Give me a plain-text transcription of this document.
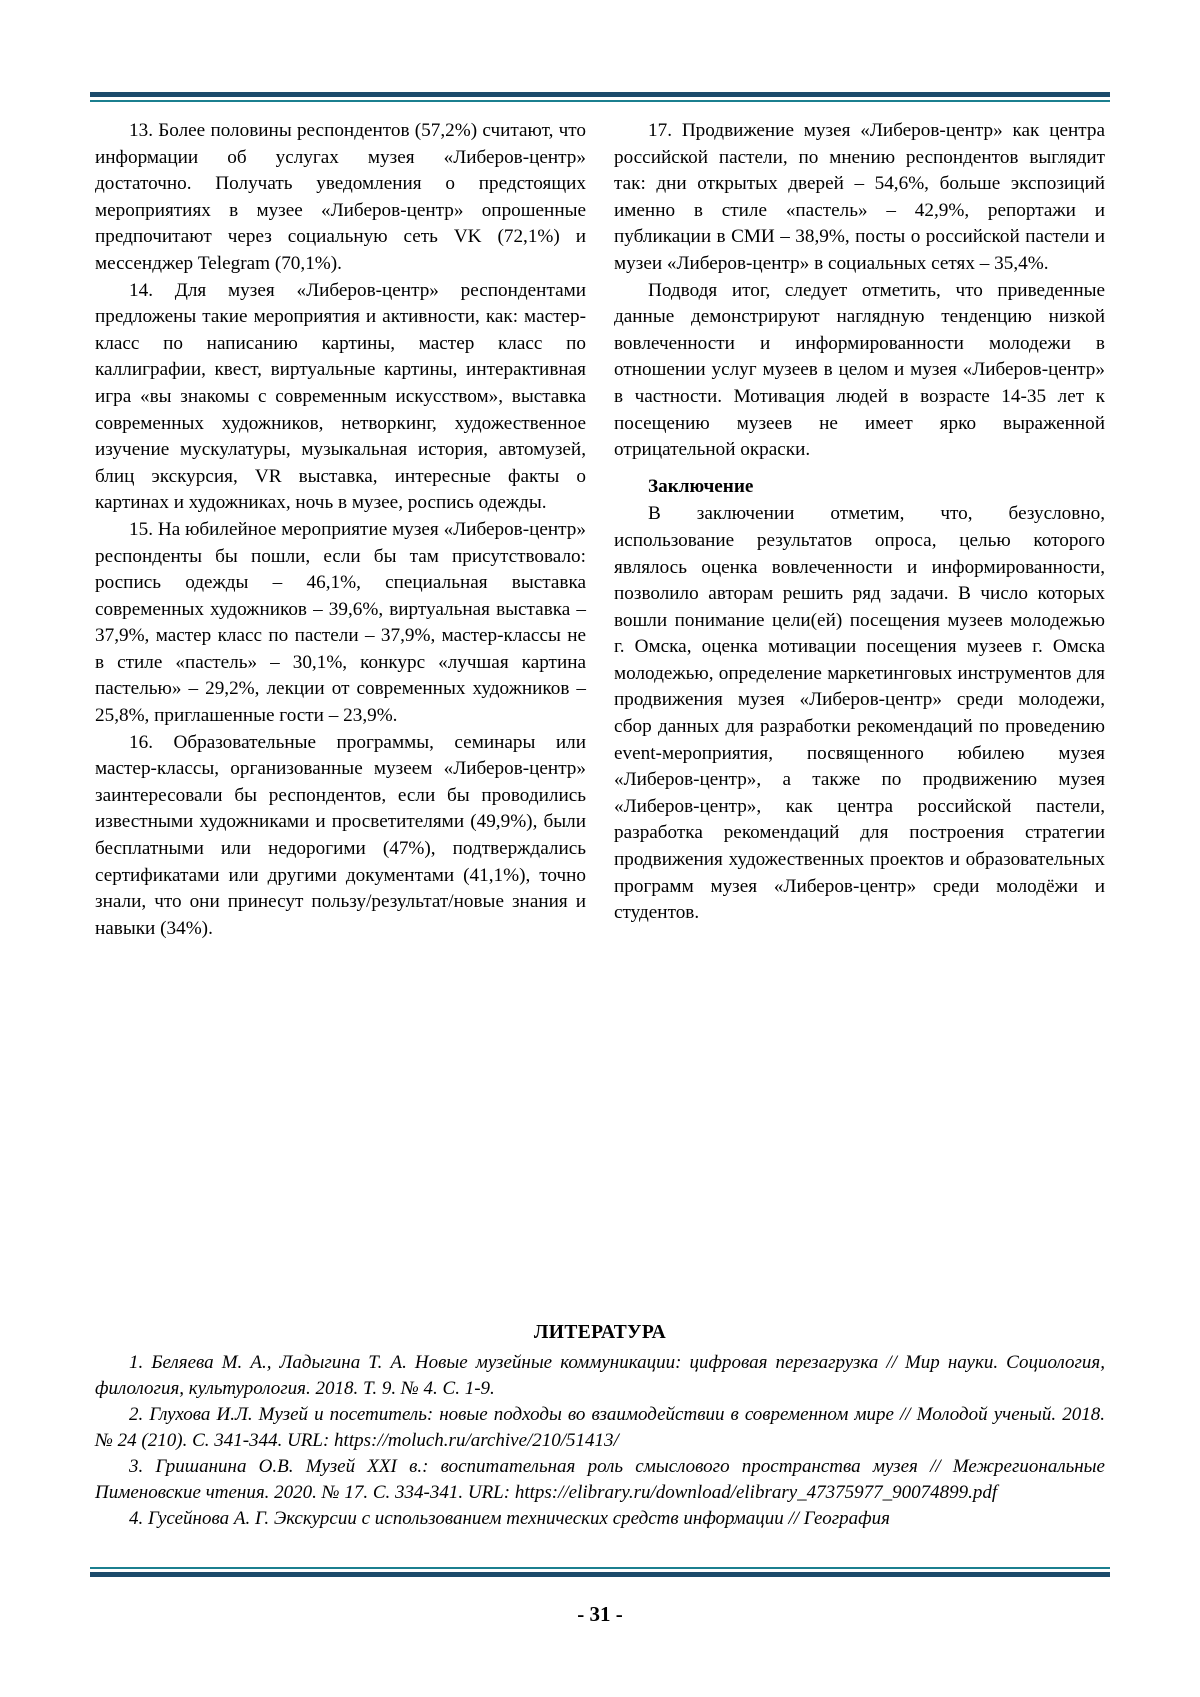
13. Более половины респондентов (57,2%) считают, что информации об услугах музея «Либеров-центр» достаточно. Получать уведомления о предстоящих мероприятиях в музее «Либеров-центр» опрошенные предпочитают через социальную сеть VK (72,1%) и мессенджер Telegram (70,1%).

14. Для музея «Либеров-центр» респондентами предложены такие мероприятия и активности, как: мастер-класс по написанию картины, мастер класс по каллиграфии, квест, виртуальные картины, интерактивная игра «вы знакомы с современным искусством», выставка современных художников, нетворкинг, художественное изучение мускулатуры, музыкальная история, автомузей, блиц экскурсия, VR выставка, интересные факты о картинах и художниках, ночь в музее, роспись одежды.

15. На юбилейное мероприятие музея «Либеров-центр» респонденты бы пошли, если бы там присутствовало: роспись одежды – 46,1%, специальная выставка современных художников – 39,6%, виртуальная выставка – 37,9%, мастер класс по пастели – 37,9%, мастер-классы не в стиле «пастель» – 30,1%, конкурс «лучшая картина пастелью» – 29,2%, лекции от современных художников – 25,8%, приглашенные гости – 23,9%.

16. Образовательные программы, семинары или мастер-классы, организованные музеем «Либеров-центр» заинтересовали бы респондентов, если бы проводились известными художниками и просветителями (49,9%), были бесплатными или недорогими (47%), подтверждались сертификатами или другими документами (41,1%), точно знали, что они принесут пользу/результат/новые знания и навыки (34%).

17. Продвижение музея «Либеров-центр» как центра российской пастели, по мнению респондентов выглядит так: дни открытых дверей – 54,6%, больше экспозиций именно в стиле «пастель» – 42,9%, репортажи и публикации в СМИ – 38,9%, посты о российской пастели и музеи «Либеров-центр» в социальных сетях – 35,4%.

Подводя итог, следует отметить, что приведенные данные демонстрируют наглядную тенденцию низкой вовлеченности и информированности молодежи в отношении услуг музеев в целом и музея «Либеров-центр» в частности. Мотивация людей в возрасте 14-35 лет к посещению музеев не имеет ярко выраженной отрицательной окраски.

Заключение

В заключении отметим, что, безусловно, использование результатов опроса, целью которого являлось оценка вовлеченности и информированности, позволило авторам решить ряд задачи. В число которых вошли понимание цели(ей) посещения музеев молодежью г. Омска, оценка мотивации посещения музеев г. Омска молодежью, определение маркетинговых инструментов для продвижения музея «Либеров-центр» среди молодежи, сбор данных для разработки рекомендаций по проведению event-мероприятия, посвященного юбилею музея «Либеров-центр», а также по продвижению музея «Либеров-центр», как центра российской пастели, разработка рекомендаций для построения стратегии продвижения художественных проектов и образовательных программ музея «Либеров-центр» среди молодёжи и студентов.

ЛИТЕРАТУРА

1. Беляева М. А., Ладыгина Т. А. Новые музейные коммуникации: цифровая перезагрузка // Мир науки. Социология, филология, культурология. 2018. Т. 9. № 4. С. 1-9.

2. Глухова И.Л. Музей и посетитель: новые подходы во взаимодействии в современном мире // Молодой ученый. 2018. № 24 (210). С. 341-344. URL: https://moluch.ru/archive/210/51413/

3. Гришанина О.В. Музей XXI в.: воспитательная роль смыслового пространства музея // Межрегиональные Пименовские чтения. 2020. № 17. С. 334-341. URL: https://elibrary.ru/download/elibrary_47375977_90074899.pdf

4. Гусейнова А. Г. Экскурсии с использованием технических средств информации // География

- 31 -
